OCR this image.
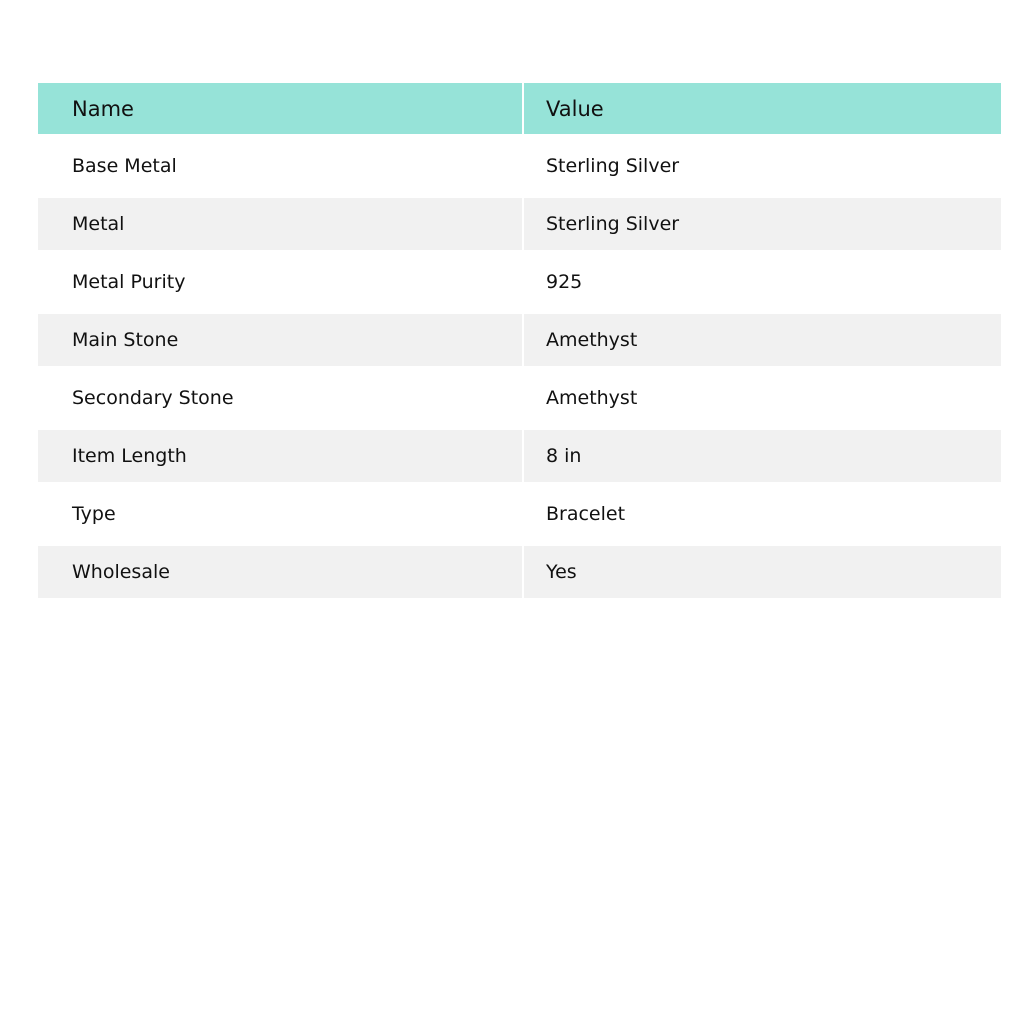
Name	Value
Base Metal	Sterling Silver
Metal	Sterling Silver
Metal Purity	925
Main Stone	Amethyst
Secondary Stone	Amethyst
Item Length	8 in
Type	Bracelet
Wholesale	Yes
